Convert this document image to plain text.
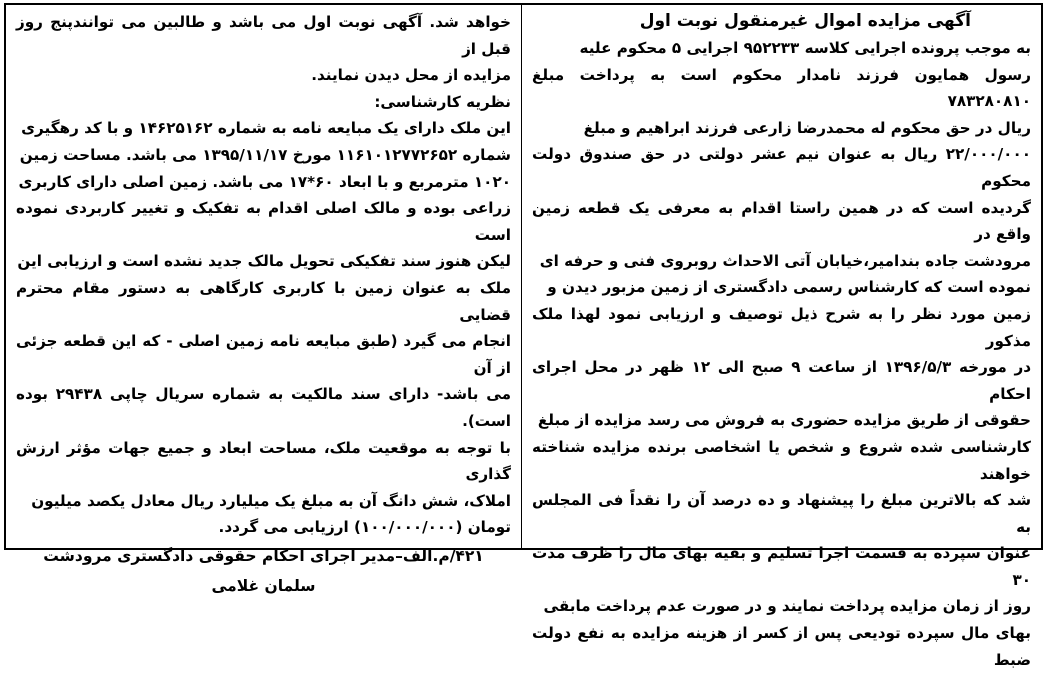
آگهی مزایده اموال غیرمنقول نوبت اول
به موجب پرونده اجرایی کلاسه ۹۵۲۲۳۳ اجرایی ۵ محکوم علیه
رسول همایون فرزند نامدار محکوم است به پرداخت مبلغ ۷۸۳۲۸۰۸۱۰
ریال در حق محکوم له محمدرضا زارعی فرزند ابراهیم و مبلغ
۲۲/۰۰۰/۰۰۰ ریال به عنوان نیم عشر دولتی در حق صندوق دولت محکوم
گردیده است که در همین راستا اقدام به معرفی یک قطعه زمین واقع در
مرودشت جاده بندامیر،خیابان آتی الاحداث روبروی فنی و حرفه ای
نموده است که کارشناس رسمی دادگستری از زمین مزبور دیدن و
زمین مورد نظر را به شرح ذیل توصیف و ارزیابی نمود لهذا ملک مذکور
در مورخه ۱۳۹۶/۵/۳ از ساعت ۹ صبح الی ۱۲ ظهر در محل اجرای احکام
حقوقی از طریق مزایده حضوری به فروش می رسد مزایده از مبلغ
کارشناسی شده شروع و شخص یا اشخاصی برنده مزایده شناخته خواهند
شد که بالاترین مبلغ را پیشنهاد و ده درصد آن را نقداً فی المجلس به
عنوان سپرده به قسمت اجرا تسلیم و بقیه بهای مال را ظرف مدت ۳۰
روز از زمان مزایده پرداخت نمایند و در صورت عدم پرداخت مابقی
بهای مال سپرده تودیعی پس از کسر از هزینه مزایده به نفع دولت ضبط
خواهد شد. آگهی نوبت اول می باشد و طالبین می توانندپنج روز قبل از
مزایده از محل دیدن نمایند.
نظریه کارشناسی:
این ملک دارای یک مبایعه نامه به شماره ۱۴۶۲۵۱۶۲ و با کد رهگیری
شماره ۱۱۶۱۰۱۲۷۷۲۶۵۲ مورخ ۱۳۹۵/۱۱/۱۷ می باشد. مساحت زمین
۱۰۲۰ مترمربع و با ابعاد ۶۰*۱۷ می باشد. زمین اصلی دارای کاربری
زراعی بوده و مالک اصلی اقدام به تفکیک و تغییر کاربردی نموده است
لیکن هنوز سند تفکیکی تحویل مالک جدید نشده است و ارزیابی این
ملک به عنوان زمین با کاربری کارگاهی به دستور مقام محترم قضایی
انجام می گیرد (طبق مبایعه نامه زمین اصلی - که این قطعه جزئی از آن
می باشد- دارای سند مالکیت به شماره سریال چاپی ۲۹۴۳۸ بوده است).
با توجه به موقعیت ملک، مساحت ابعاد و جمیع جهات مؤثر ارزش گذاری
املاک، شش دانگ آن به مبلغ یک میلیارد ریال معادل یکصد میلیون
تومان (۱۰۰/۰۰۰/۰۰۰) ارزیابی می گردد.
۴۲۱/م.الف–مدیر اجرای احکام حقوقی دادگستری مرودشت
سلمان غلامی
